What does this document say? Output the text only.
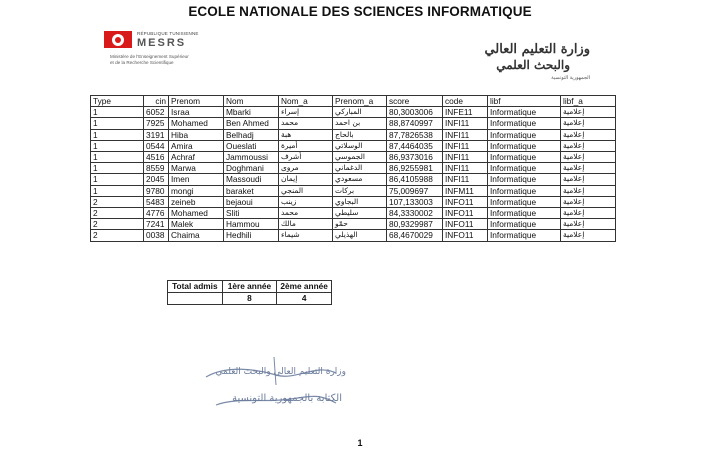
ECOLE NATIONALE DES SCIENCES INFORMATIQUE
RÉPUBLIQUE TUNISIENNE
MESRS
Ministère de l'Enseignement Supérieur
et de la Recherche Scientifique
وزارة التعليم العالي
والبحث العلمي
الجمهورية التونسية
Type	cin	Prenom	Nom	Nom_a	Prenom_a	score	code	libf	libf_a
1	6052	Israa	Mbarki	إسراء	المباركي	80,3003006	INFE11	Informatique	إعلامية
1	7925	Mohamed	Ben Ahmed	محمد	بن احمد	88,8740997	INFI11	Informatique	إعلامية
1	3191	Hiba	Belhadj	هبة	بالحاج	87,7826538	INFI11	Informatique	إعلامية
1	0544	Amira	Oueslati	أميرة	الوسلاتي	87,4464035	INFI11	Informatique	إعلامية
1	4516	Achraf	Jammoussi	أشرف	الجموسي	86,9373016	INFI11	Informatique	إعلامية
1	8559	Marwa	Doghmani	مروى	الدغماني	86,9255981	INFI11	Informatique	إعلامية
1	2045	Imen	Massoudi	إيمان	مسعودي	86,4105988	INFI11	Informatique	إعلامية
1	9780	mongi	baraket	المنجي	بركات	75,009697	INFM11	Informatique	إعلامية
2	5483	zeineb	bejaoui	زينب	البجاوي	107,133003	INFO11	Informatique	إعلامية
2	4776	Mohamed	Sliti	محمد	سليطي	84,3330002	INFO11	Informatique	إعلامية
2	7241	Malek	Hammou	مالك	حمّو	80,9329987	INFO11	Informatique	إعلامية
2	0038	Chaima	Hedhili	شيماء	الهذيلي	68,4670029	INFO11	Informatique	إعلامية
Total admis	1ère année	2ème année
	8	4
وزارة التعليم العالي والبحث العلمي
الكتابة بالجمهورية التونسية
1
